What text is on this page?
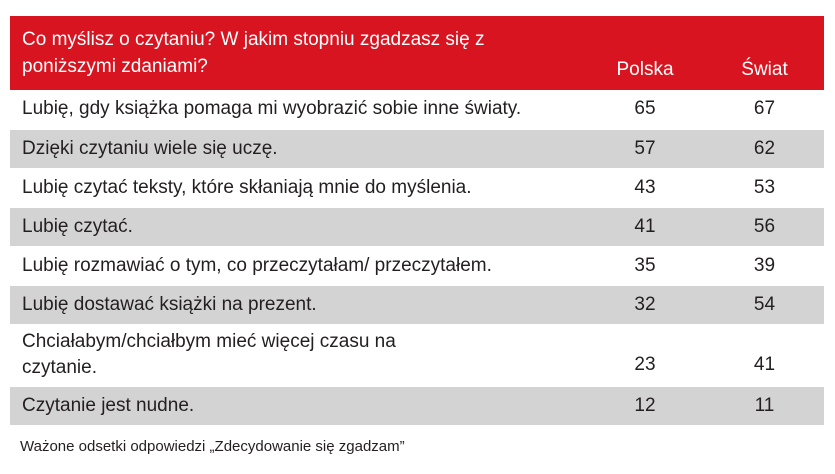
Co myślisz o czytaniu? W jakim stopniu zgadzasz się z poniższymi zdaniami?	Polska	Świat
Lubię, gdy książka pomaga mi wyobrazić sobie inne światy.	65	67
Dzięki czytaniu wiele się uczę.	57	62
Lubię czytać teksty, które skłaniają mnie do myślenia.	43	53
Lubię czytać.	41	56
Lubię rozmawiać o tym, co przeczytałam/ przeczytałem.	35	39
Lubię dostawać książki na prezent.	32	54
Chciałabym/chciałbym mieć więcej czasu na czytanie.	23	41
Czytanie jest nudne.	12	11
Ważone odsetki odpowiedzi „Zdecydowanie się zgadzam”
